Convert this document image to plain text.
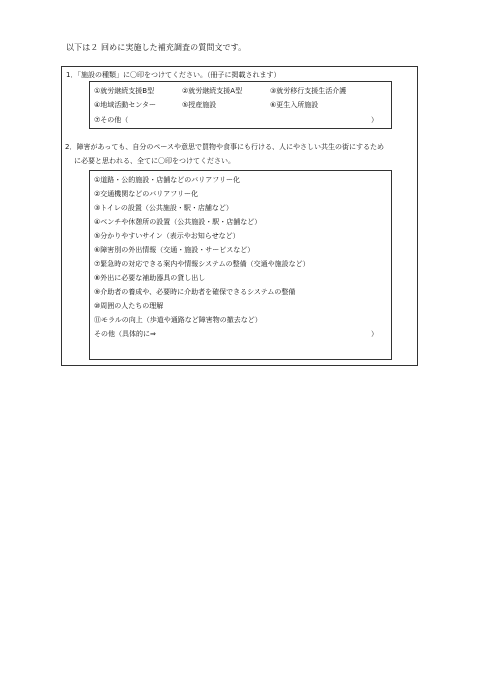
以下は２ 回めに実施した補充調査の質問文です。
1．「施設の種類」に〇印をつけてください。（冊子に掲載されます）
①就労継続支援B型	②就労継続支援A型	③就労移行支援生活介護
④地域活動センター	⑤授産施設	⑥更生入所施設
⑦その他（	）
2．障害があっても、自分のペースや意思で買物や食事にも行ける、人にやさしい共生の街にするため
に必要と思われる、全てに〇印をつけてください。
①道路・公的施設・店舗などのバリアフリー化
②交通機関などのバリアフリー化
③トイレの設置（公共施設・駅・店舗など）
④ベンチや休憩所の設置（公共施設・駅・店舗など）
⑤分かりやすいサイン（表示やお知らせなど）
⑥障害別の外出情報（交通・施設・サービスなど）
⑦緊急時の対応できる案内や情報システムの整備（交通や施設など）
⑧外出に必要な補助器具の貸し出し
⑨介助者の養成や、必要時に介助者を確保できるシステムの整備
⑩周囲の人たちの理解
⑪モラルの向上（歩道や通路など障害物の撤去など）
その他（具体的に⇒	）
